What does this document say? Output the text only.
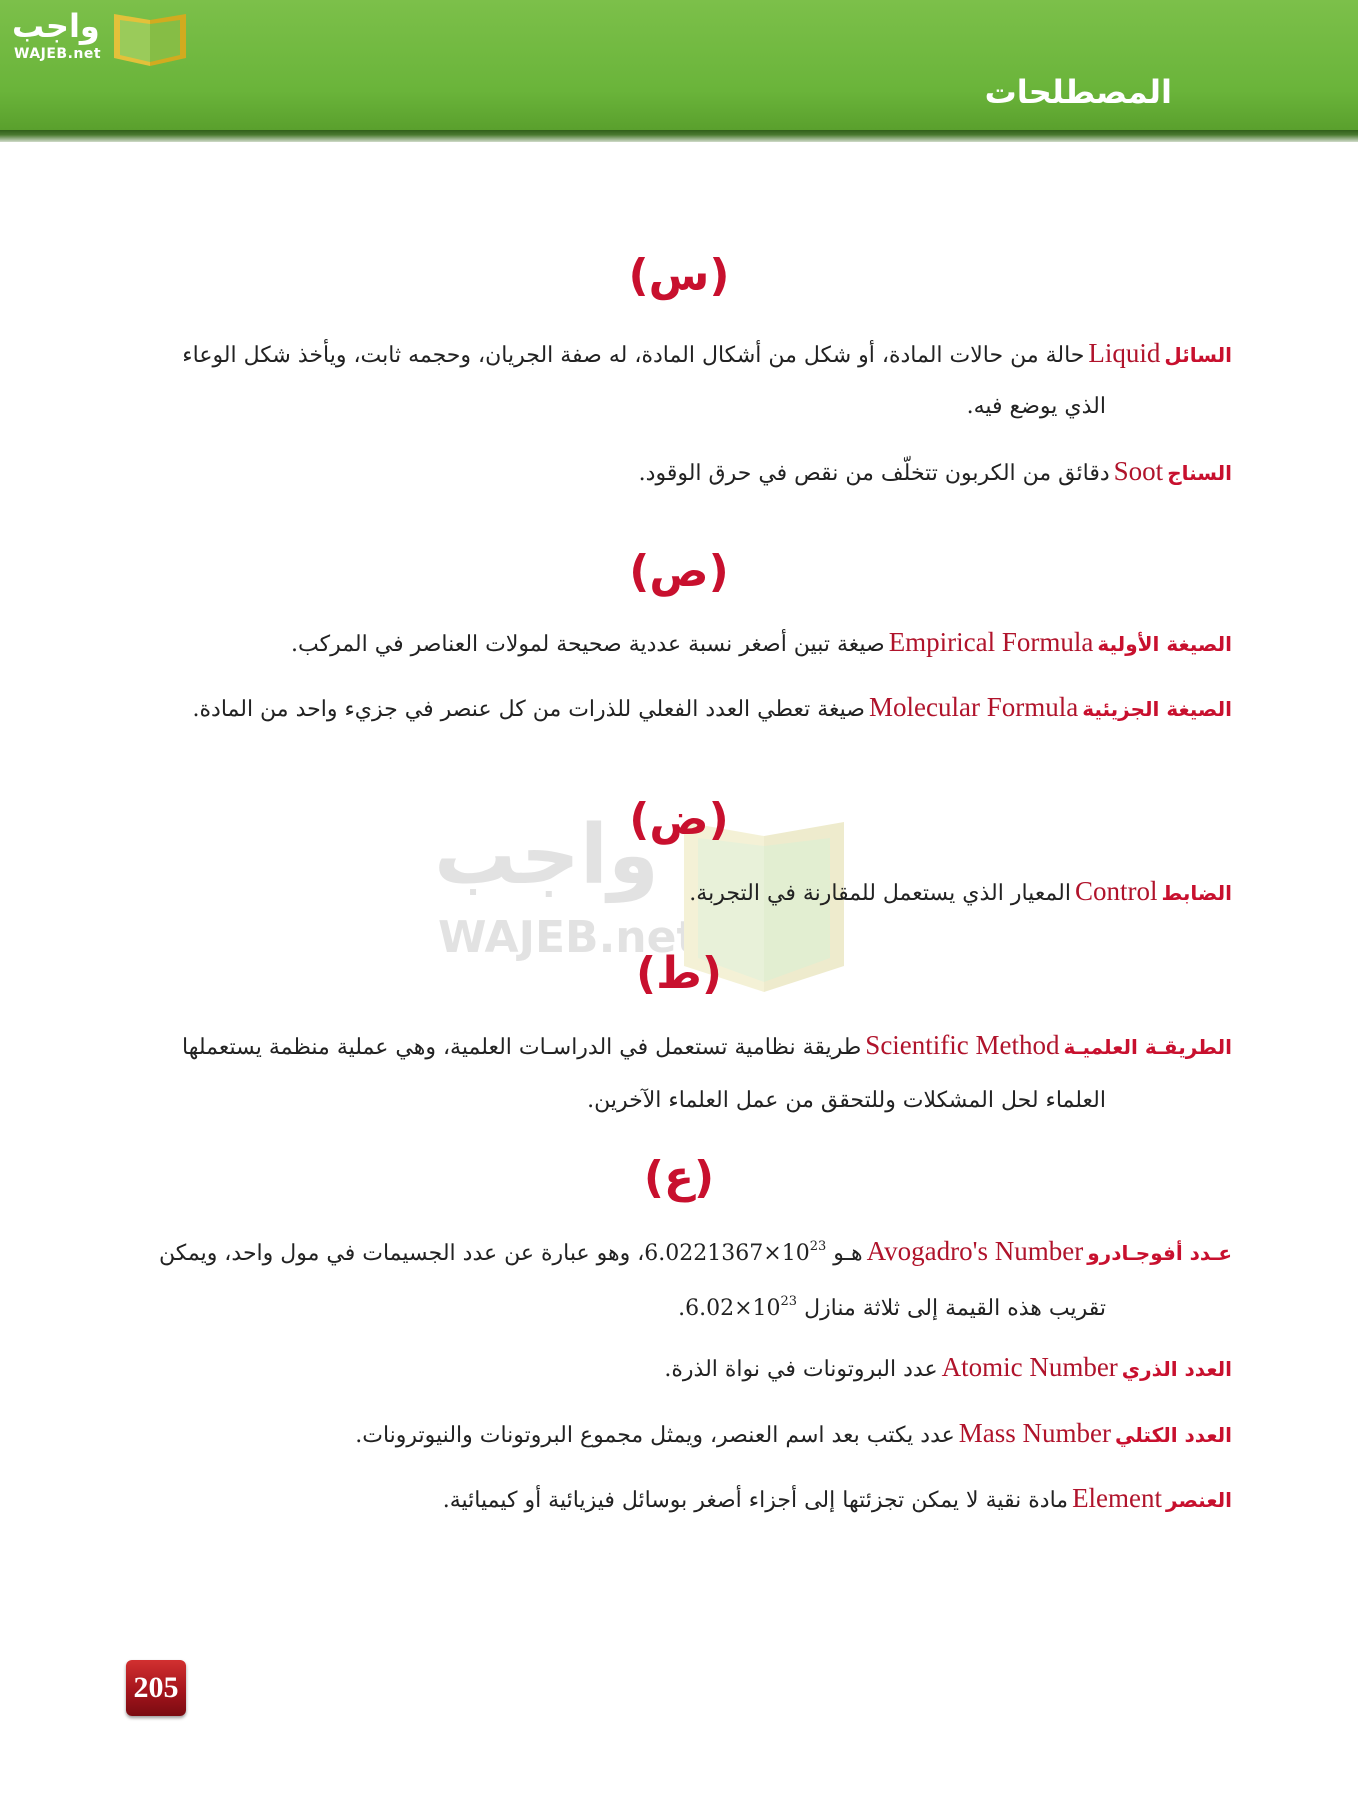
واجب
WAJEB.net
المصطلحات
واجب
WAJEB.net
(س)
السائلLiquidحالة من حالات المادة، أو شكل من أشكال المادة، له صفة الجريان، وحجمه ثابت، ويأخذ شكل الوعاء
الذي يوضع فيه.
السناجSootدقائق من الكربون تتخلّف من نقص في حرق الوقود.
(ص)
الصيغة الأوليةEmpirical Formulaصيغة تبين أصغر نسبة عددية صحيحة لمولات العناصر في المركب.
الصيغة الجزيئيةMolecular Formulaصيغة تعطي العدد الفعلي للذرات من كل عنصر في جزيء واحد من المادة.
(ض)
الضابطControlالمعيار الذي يستعمل للمقارنة في التجربة.
(ط)
الطريقـة العلميـةScientific Methodطريقة نظامية تستعمل في الدراسـات العلمية، وهي عملية منظمة يستعملها
العلماء لحل المشكلات وللتحقق من عمل العلماء الآخرين.
(ع)
عـدد أفوجـادروAvogadro's Numberهـو $6.0221367\times 10^{23}،$ وهو عبارة عن عدد الجسيمات في مول واحد، ويمكن
تقريب هذه القيمة إلى ثلاثة منازل $6.02\times 10^{23}$.
العدد الذريAtomic Numberعدد البروتونات في نواة الذرة.
العدد الكتليMass Numberعدد يكتب بعد اسم العنصر، ويمثل مجموع البروتونات والنيوترونات.
العنصرElementمادة نقية لا يمكن تجزئتها إلى أجزاء أصغر بوسائل فيزيائية أو كيميائية.
205
